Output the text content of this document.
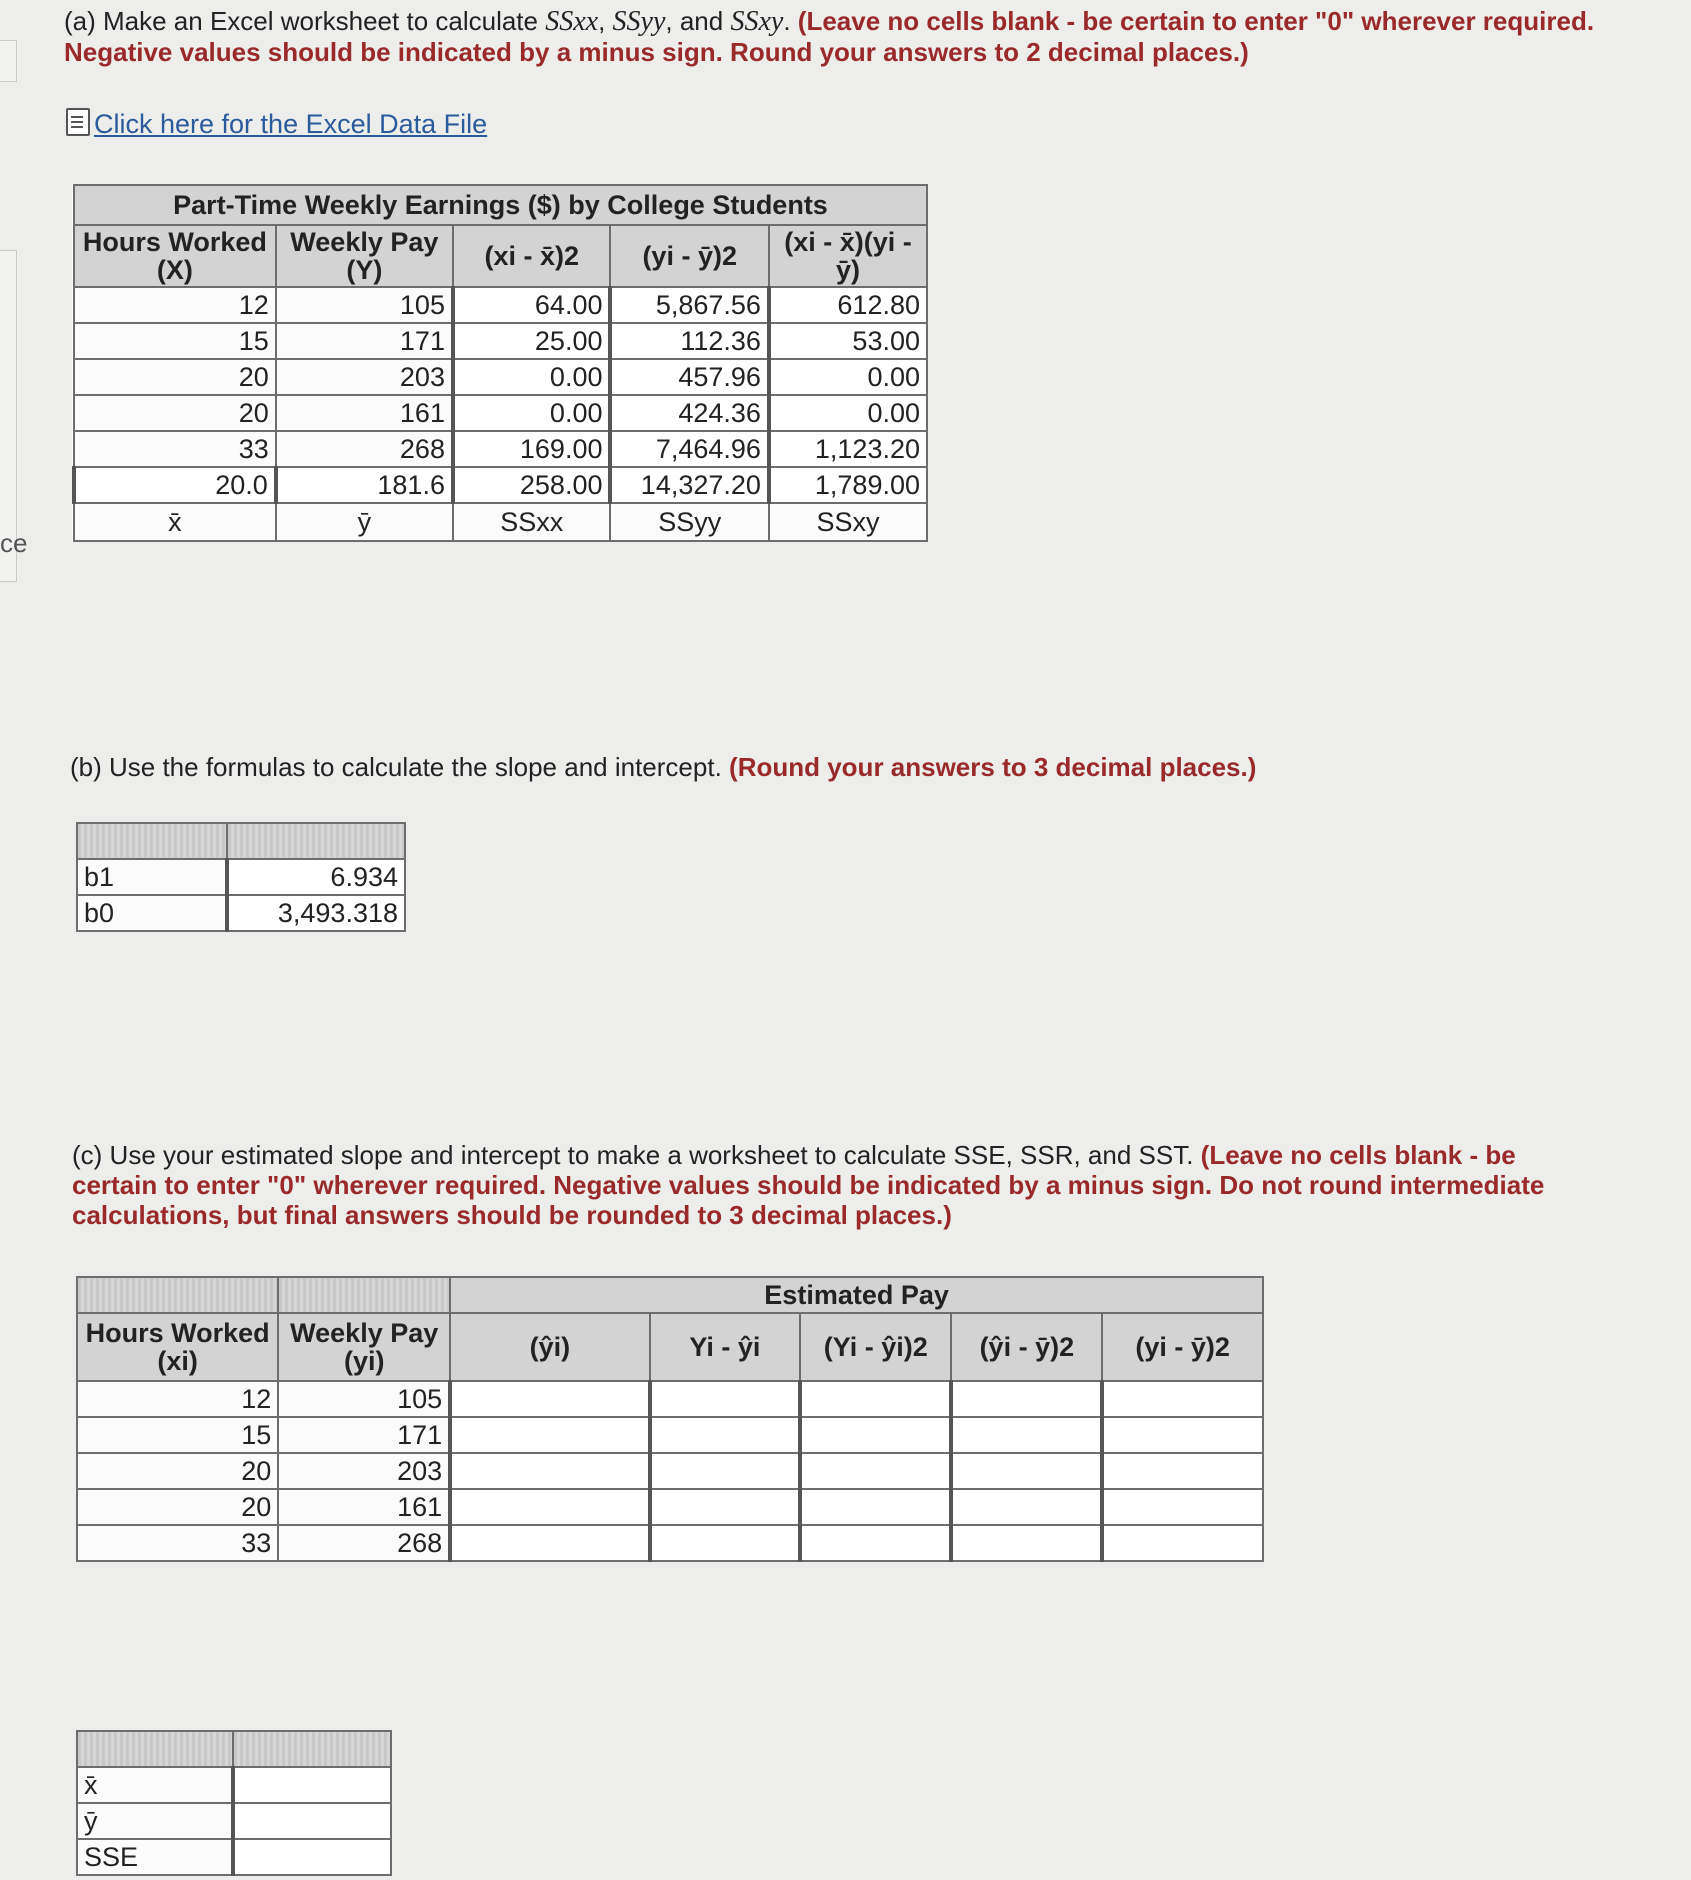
ce
(a) Make an Excel worksheet to calculate SSxx, SSyy, and SSxy. (Leave no cells blank - be certain to enter "0" wherever required. Negative values should be indicated by a minus sign. Round your answers to 2 decimal places.)
Click here for the Excel Data File
Part-Time Weekly Earnings ($) by College Students				
Hours Worked (X)	Weekly Pay (Y)	(xi - x̄)2	(yi - ȳ)2	(xi - x̄)(yi - ȳ)
12	105	64.00	5,867.56	612.80
15	171	25.00	112.36	53.00
20	203	0.00	457.96	0.00
20	161	0.00	424.36	0.00
33	268	169.00	7,464.96	1,123.20
20.0	181.6	258.00	14,327.20	1,789.00
x̄	ȳ	SSxx	SSyy	SSxy
(b) Use the formulas to calculate the slope and intercept. (Round your answers to 3 decimal places.)

b1	6.934
b0	3,493.318
(c) Use your estimated slope and intercept to make a worksheet to calculate SSE, SSR, and SST. (Leave no cells blank - be certain to enter "0" wherever required. Negative values should be indicated by a minus sign. Do not round intermediate calculations, but final answers should be rounded to 3 decimal places.)
		Estimated Pay				
Hours Worked (xi)	Weekly Pay (yi)	(ŷi)	Yi - ŷi	(Yi - ŷi)2	(ŷi - ȳ)2	(yi - ȳ)2
12	105					
15	171					
20	203					
20	161					
33	268					

x̄	
ȳ	
SSE	
